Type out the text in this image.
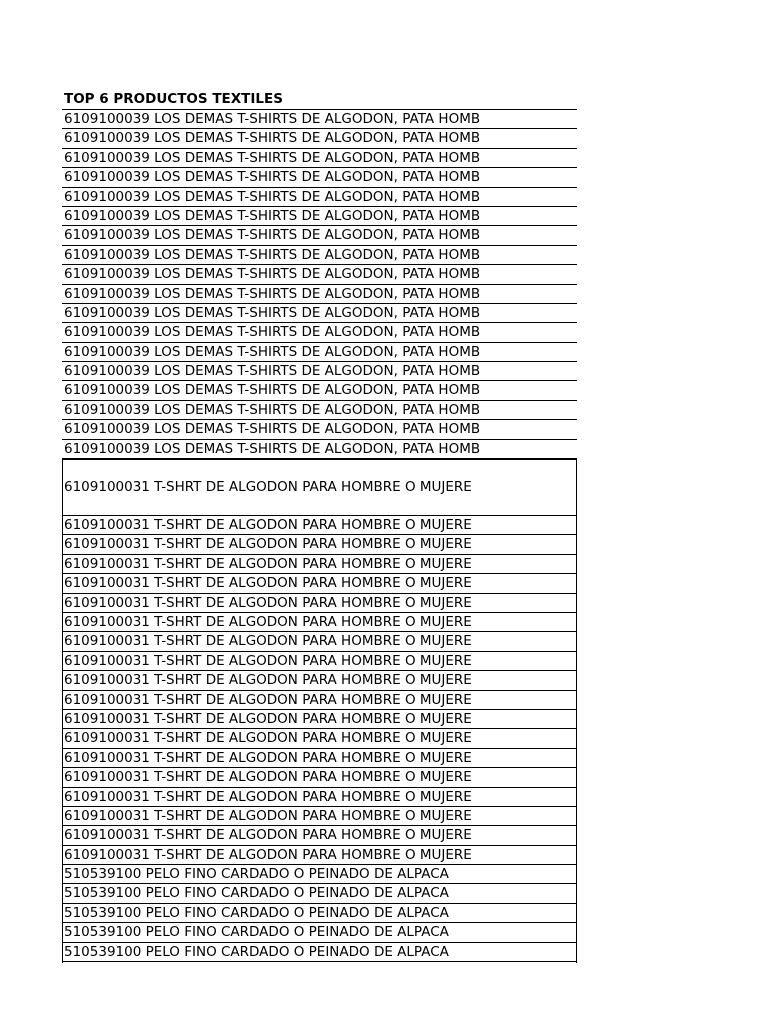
TOP 6 PRODUCTOS TEXTILES
6109100039 LOS DEMAS T-SHIRTS DE ALGODON, PATA HOMB
6109100039 LOS DEMAS T-SHIRTS DE ALGODON, PATA HOMB
6109100039 LOS DEMAS T-SHIRTS DE ALGODON, PATA HOMB
6109100039 LOS DEMAS T-SHIRTS DE ALGODON, PATA HOMB
6109100039 LOS DEMAS T-SHIRTS DE ALGODON, PATA HOMB
6109100039 LOS DEMAS T-SHIRTS DE ALGODON, PATA HOMB
6109100039 LOS DEMAS T-SHIRTS DE ALGODON, PATA HOMB
6109100039 LOS DEMAS T-SHIRTS DE ALGODON, PATA HOMB
6109100039 LOS DEMAS T-SHIRTS DE ALGODON, PATA HOMB
6109100039 LOS DEMAS T-SHIRTS DE ALGODON, PATA HOMB
6109100039 LOS DEMAS T-SHIRTS DE ALGODON, PATA HOMB
6109100039 LOS DEMAS T-SHIRTS DE ALGODON, PATA HOMB
6109100039 LOS DEMAS T-SHIRTS DE ALGODON, PATA HOMB
6109100039 LOS DEMAS T-SHIRTS DE ALGODON, PATA HOMB
6109100039 LOS DEMAS T-SHIRTS DE ALGODON, PATA HOMB
6109100039 LOS DEMAS T-SHIRTS DE ALGODON, PATA HOMB
6109100039 LOS DEMAS T-SHIRTS DE ALGODON, PATA HOMB
6109100039 LOS DEMAS T-SHIRTS DE ALGODON, PATA HOMB
6109100031 T-SHRT DE ALGODON PARA HOMBRE O MUJERE
6109100031 T-SHRT DE ALGODON PARA HOMBRE O MUJERE
6109100031 T-SHRT DE ALGODON PARA HOMBRE O MUJERE
6109100031 T-SHRT DE ALGODON PARA HOMBRE O MUJERE
6109100031 T-SHRT DE ALGODON PARA HOMBRE O MUJERE
6109100031 T-SHRT DE ALGODON PARA HOMBRE O MUJERE
6109100031 T-SHRT DE ALGODON PARA HOMBRE O MUJERE
6109100031 T-SHRT DE ALGODON PARA HOMBRE O MUJERE
6109100031 T-SHRT DE ALGODON PARA HOMBRE O MUJERE
6109100031 T-SHRT DE ALGODON PARA HOMBRE O MUJERE
6109100031 T-SHRT DE ALGODON PARA HOMBRE O MUJERE
6109100031 T-SHRT DE ALGODON PARA HOMBRE O MUJERE
6109100031 T-SHRT DE ALGODON PARA HOMBRE O MUJERE
6109100031 T-SHRT DE ALGODON PARA HOMBRE O MUJERE
6109100031 T-SHRT DE ALGODON PARA HOMBRE O MUJERE
6109100031 T-SHRT DE ALGODON PARA HOMBRE O MUJERE
6109100031 T-SHRT DE ALGODON PARA HOMBRE O MUJERE
6109100031 T-SHRT DE ALGODON PARA HOMBRE O MUJERE
6109100031 T-SHRT DE ALGODON PARA HOMBRE O MUJERE
510539100 PELO FINO CARDADO O PEINADO DE ALPACA
510539100 PELO FINO CARDADO O PEINADO DE ALPACA
510539100 PELO FINO CARDADO O PEINADO DE ALPACA
510539100 PELO FINO CARDADO O PEINADO DE ALPACA
510539100 PELO FINO CARDADO O PEINADO DE ALPACA
